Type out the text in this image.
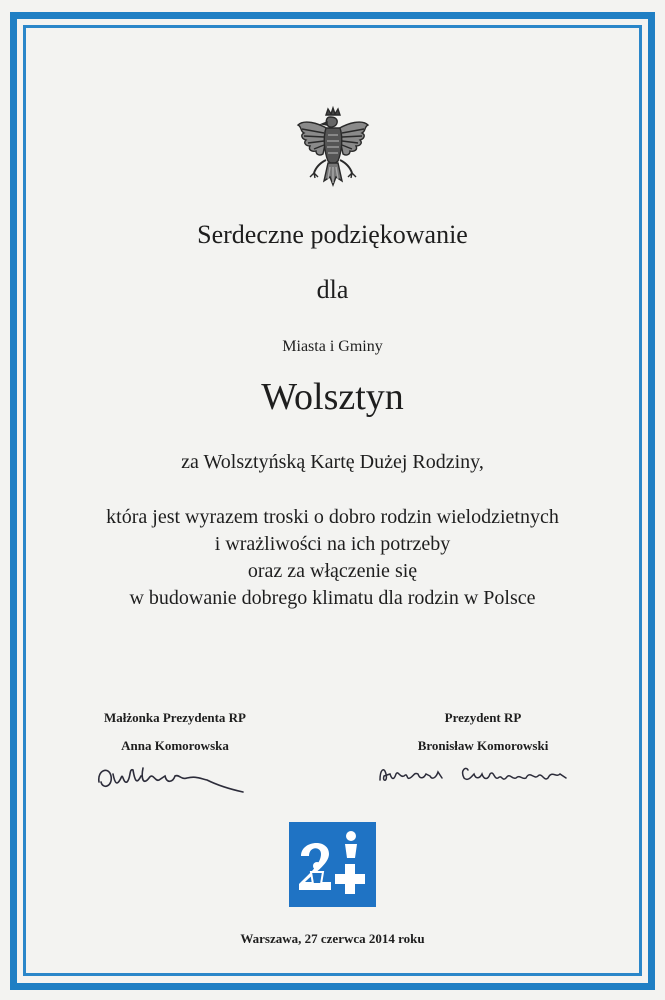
Serdeczne podziękowanie
dla
Miasta i Gminy
Wolsztyn
za Wolsztyńską Kartę Dużej Rodziny,
która jest wyrazem troski o dobro rodzin wielodzietnych
i wrażliwości na ich potrzeby
oraz za włączenie się
w budowanie dobrego klimatu dla rodzin w Polsce
Małżonka Prezydenta RP
Anna Komorowska
Prezydent RP
Bronisław Komorowski
Warszawa, 27 czerwca 2014 roku
